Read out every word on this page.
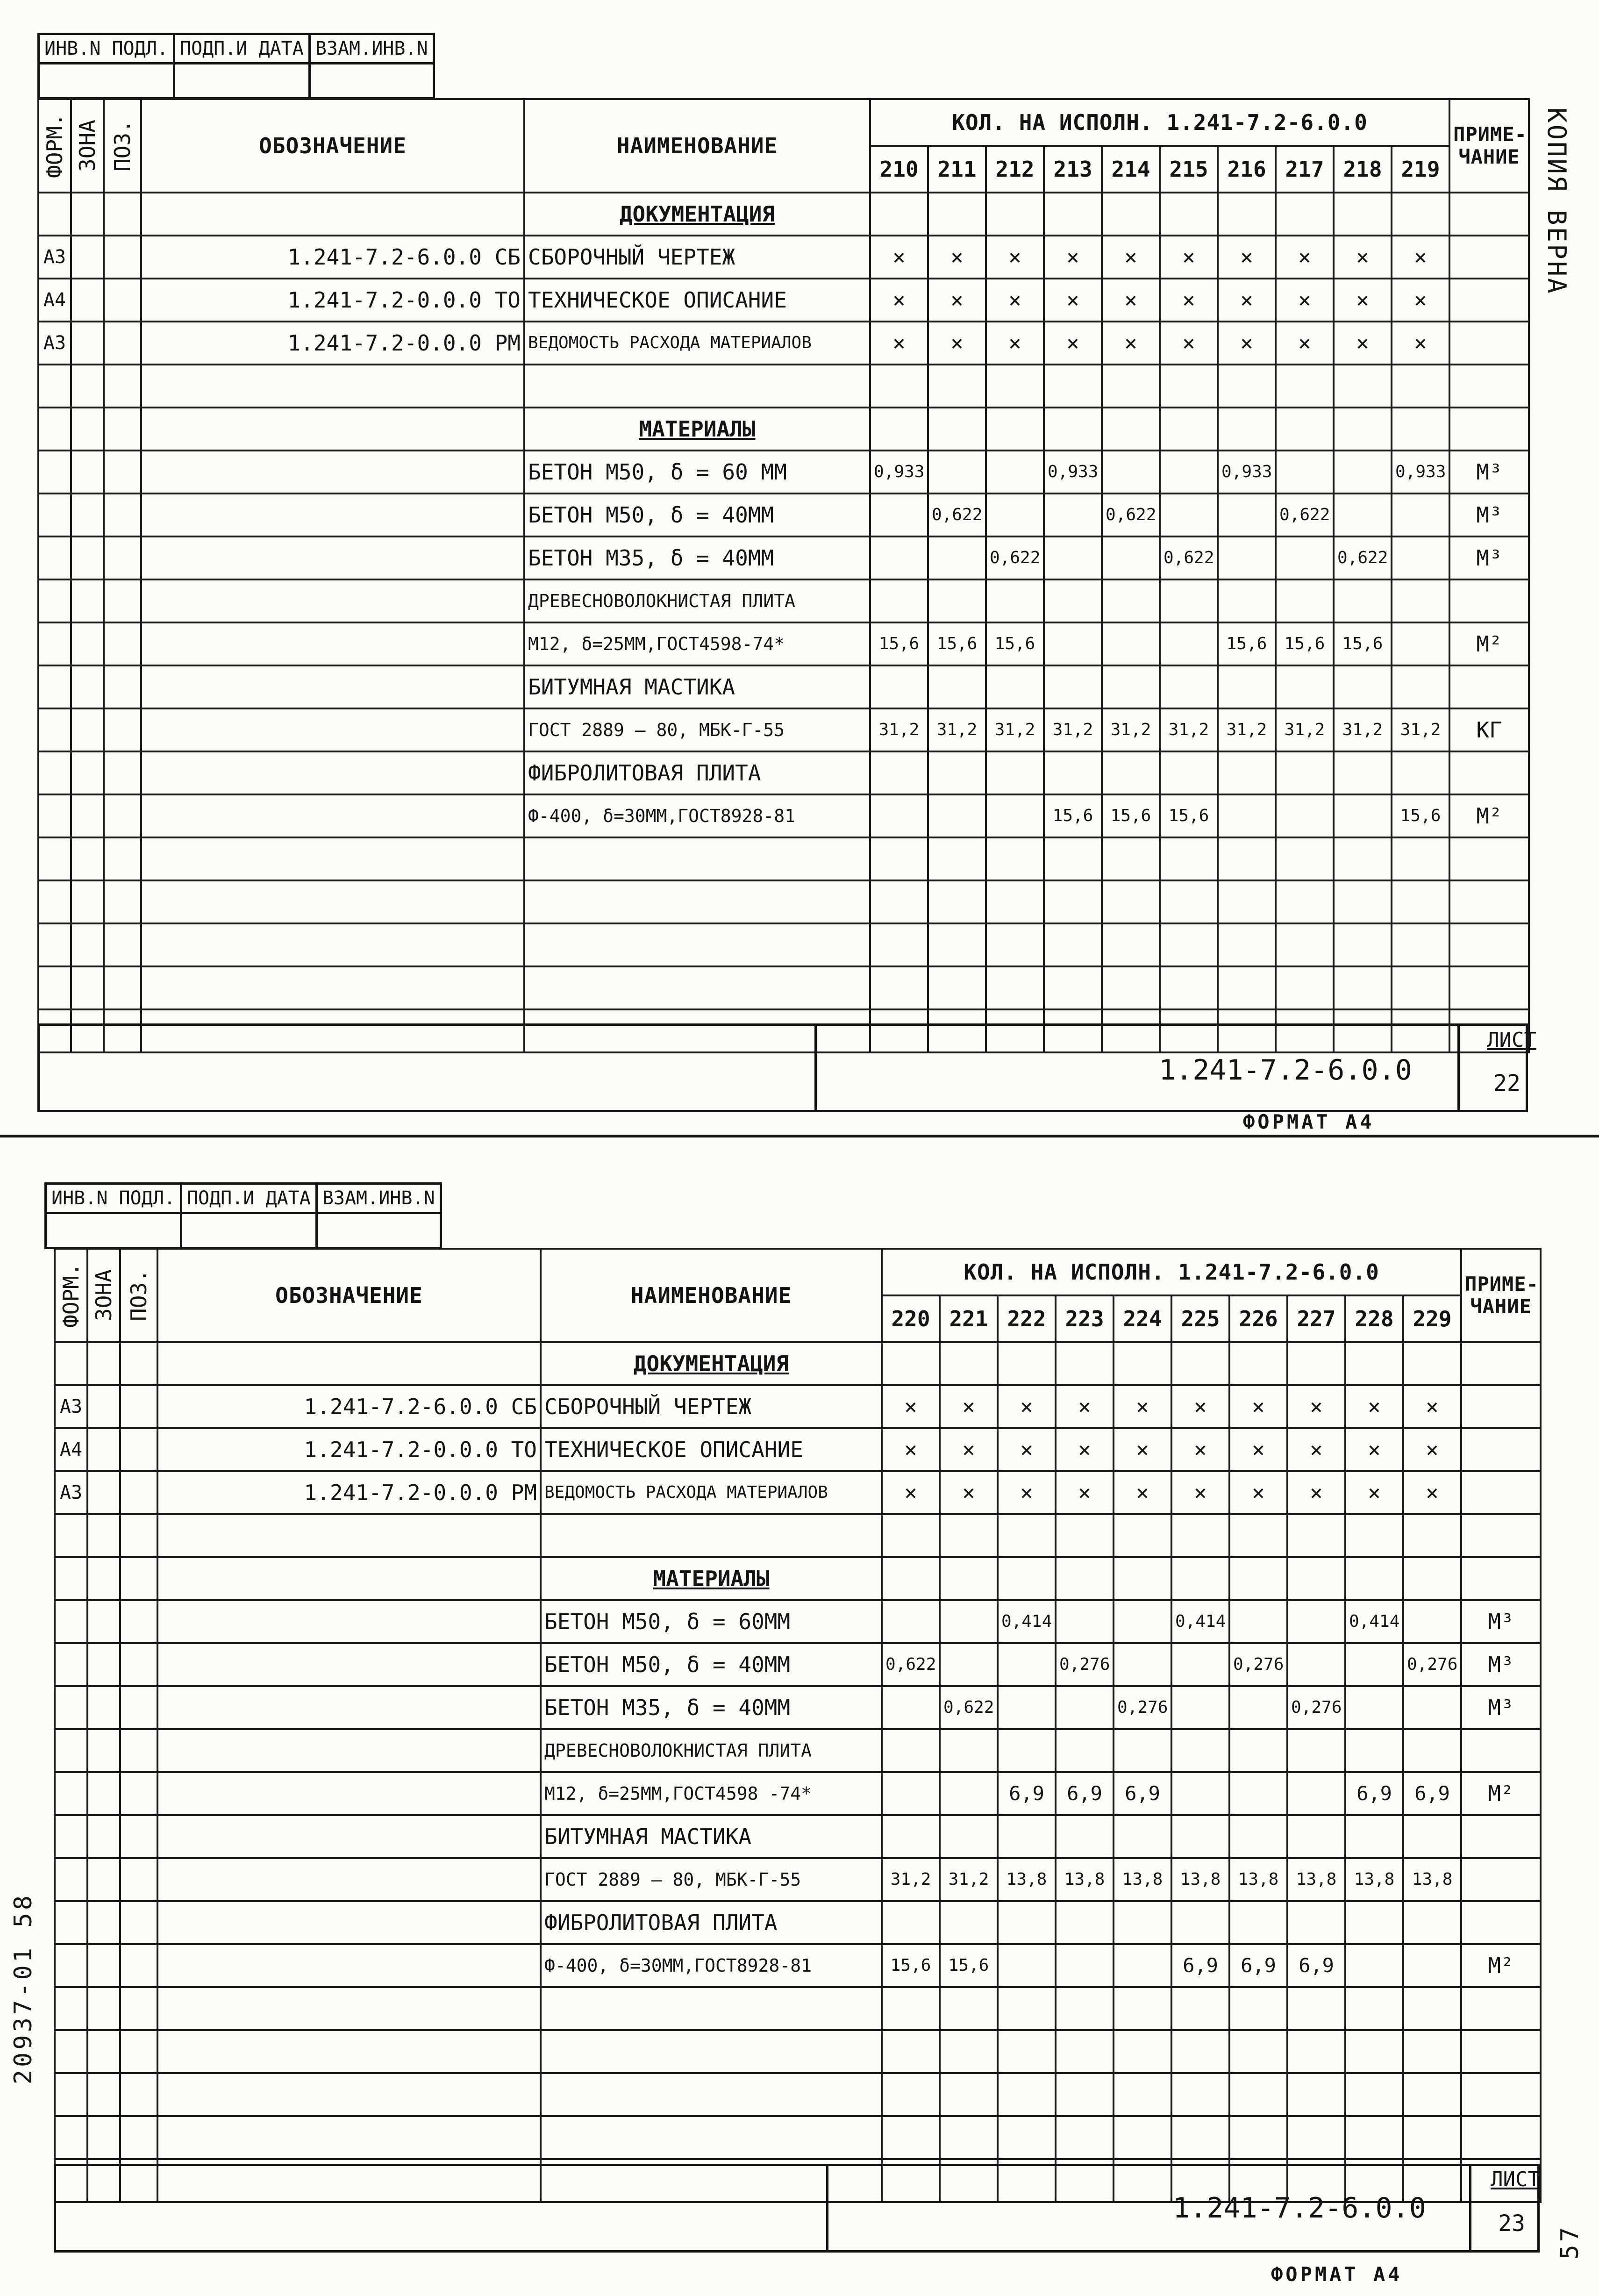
ИНВ.N ПОДЛ.	ПОДП.И ДАТА	ВЗАМ.ИНВ.N

ФОРМ.	ЗОНА	ПОЗ.	ОБОЗНАЧЕНИЕ	НАИМЕНОВАНИЕ	КОЛ. НА ИСПОЛН. 1.241-7.2-6.0.0										ПРИМЕ-
ЧАНИЕ

					210	211	212	213	214	215	216	217	218	219	
				ДОКУМЕНТАЦИЯ											
А3			1.241-7.2-6.0.0 СБ	СБОРОЧНЫЙ ЧЕРТЕЖ	×	×	×	×	×	×	×	×	×	×	
А4			1.241-7.2-0.0.0 ТО	ТЕХНИЧЕСКОЕ ОПИСАНИЕ	×	×	×	×	×	×	×	×	×	×	
А3			1.241-7.2-0.0.0 РМ	ВЕДОМОСТЬ РАСХОДА МАТЕРИАЛОВ	×	×	×	×	×	×	×	×	×	×	

				МАТЕРИАЛЫ											
				БЕТОН М50, δ = 60 ММ	0,933			0,933			0,933			0,933	М³
				БЕТОН М50, δ = 40ММ		0,622			0,622			0,622			М³
				БЕТОН М35, δ = 40ММ			0,622			0,622			0,622		М³
				ДРЕВЕСНОВОЛОКНИСТАЯ ПЛИТА											
				М12, δ=25ММ,ГОСТ4598-74*	15,6	15,6	15,6				15,6	15,6	15,6		М²
				БИТУМНАЯ МАСТИКА											
				ГОСТ 2889 – 80, МБК-Г-55	31,2	31,2	31,2	31,2	31,2	31,2	31,2	31,2	31,2	31,2	КГ
				ФИБРОЛИТОВАЯ ПЛИТА											
				Ф-400, δ=30ММ,ГОСТ8928-81				15,6	15,6	15,6				15,6	М²

1.241-7.2-6.0.0
ЛИСТ
22
ФОРМАТ А4
КОПИЯ ВЕРНА
ИНВ.N ПОДЛ.	ПОДП.И ДАТА	ВЗАМ.ИНВ.N

ФОРМ.	ЗОНА	ПОЗ.	ОБОЗНАЧЕНИЕ	НАИМЕНОВАНИЕ	КОЛ. НА ИСПОЛН. 1.241-7.2-6.0.0										ПРИМЕ-
ЧАНИЕ

					220	221	222	223	224	225	226	227	228	229	
				ДОКУМЕНТАЦИЯ											
А3			1.241-7.2-6.0.0 СБ	СБОРОЧНЫЙ ЧЕРТЕЖ	×	×	×	×	×	×	×	×	×	×	
А4			1.241-7.2-0.0.0 ТО	ТЕХНИЧЕСКОЕ ОПИСАНИЕ	×	×	×	×	×	×	×	×	×	×	
А3			1.241-7.2-0.0.0 РМ	ВЕДОМОСТЬ РАСХОДА МАТЕРИАЛОВ	×	×	×	×	×	×	×	×	×	×	

				МАТЕРИАЛЫ											
				БЕТОН М50, δ = 60ММ			0,414			0,414			0,414		М³
				БЕТОН М50, δ = 40ММ	0,622			0,276			0,276			0,276	М³
				БЕТОН М35, δ = 40ММ		0,622			0,276			0,276			М³
				ДРЕВЕСНОВОЛОКНИСТАЯ ПЛИТА											
				М12, δ=25ММ,ГОСТ4598 -74*			6,9	6,9	6,9				6,9	6,9	М²
				БИТУМНАЯ МАСТИКА											
				ГОСТ 2889 – 80, МБК-Г-55	31,2	31,2	13,8	13,8	13,8	13,8	13,8	13,8	13,8	13,8	
				ФИБРОЛИТОВАЯ ПЛИТА											
				Ф-400, δ=30ММ,ГОСТ8928-81	15,6	15,6				6,9	6,9	6,9			М²

1.241-7.2-6.0.0
ЛИСТ
23
ФОРМАТ А4
20937-01 58
57
